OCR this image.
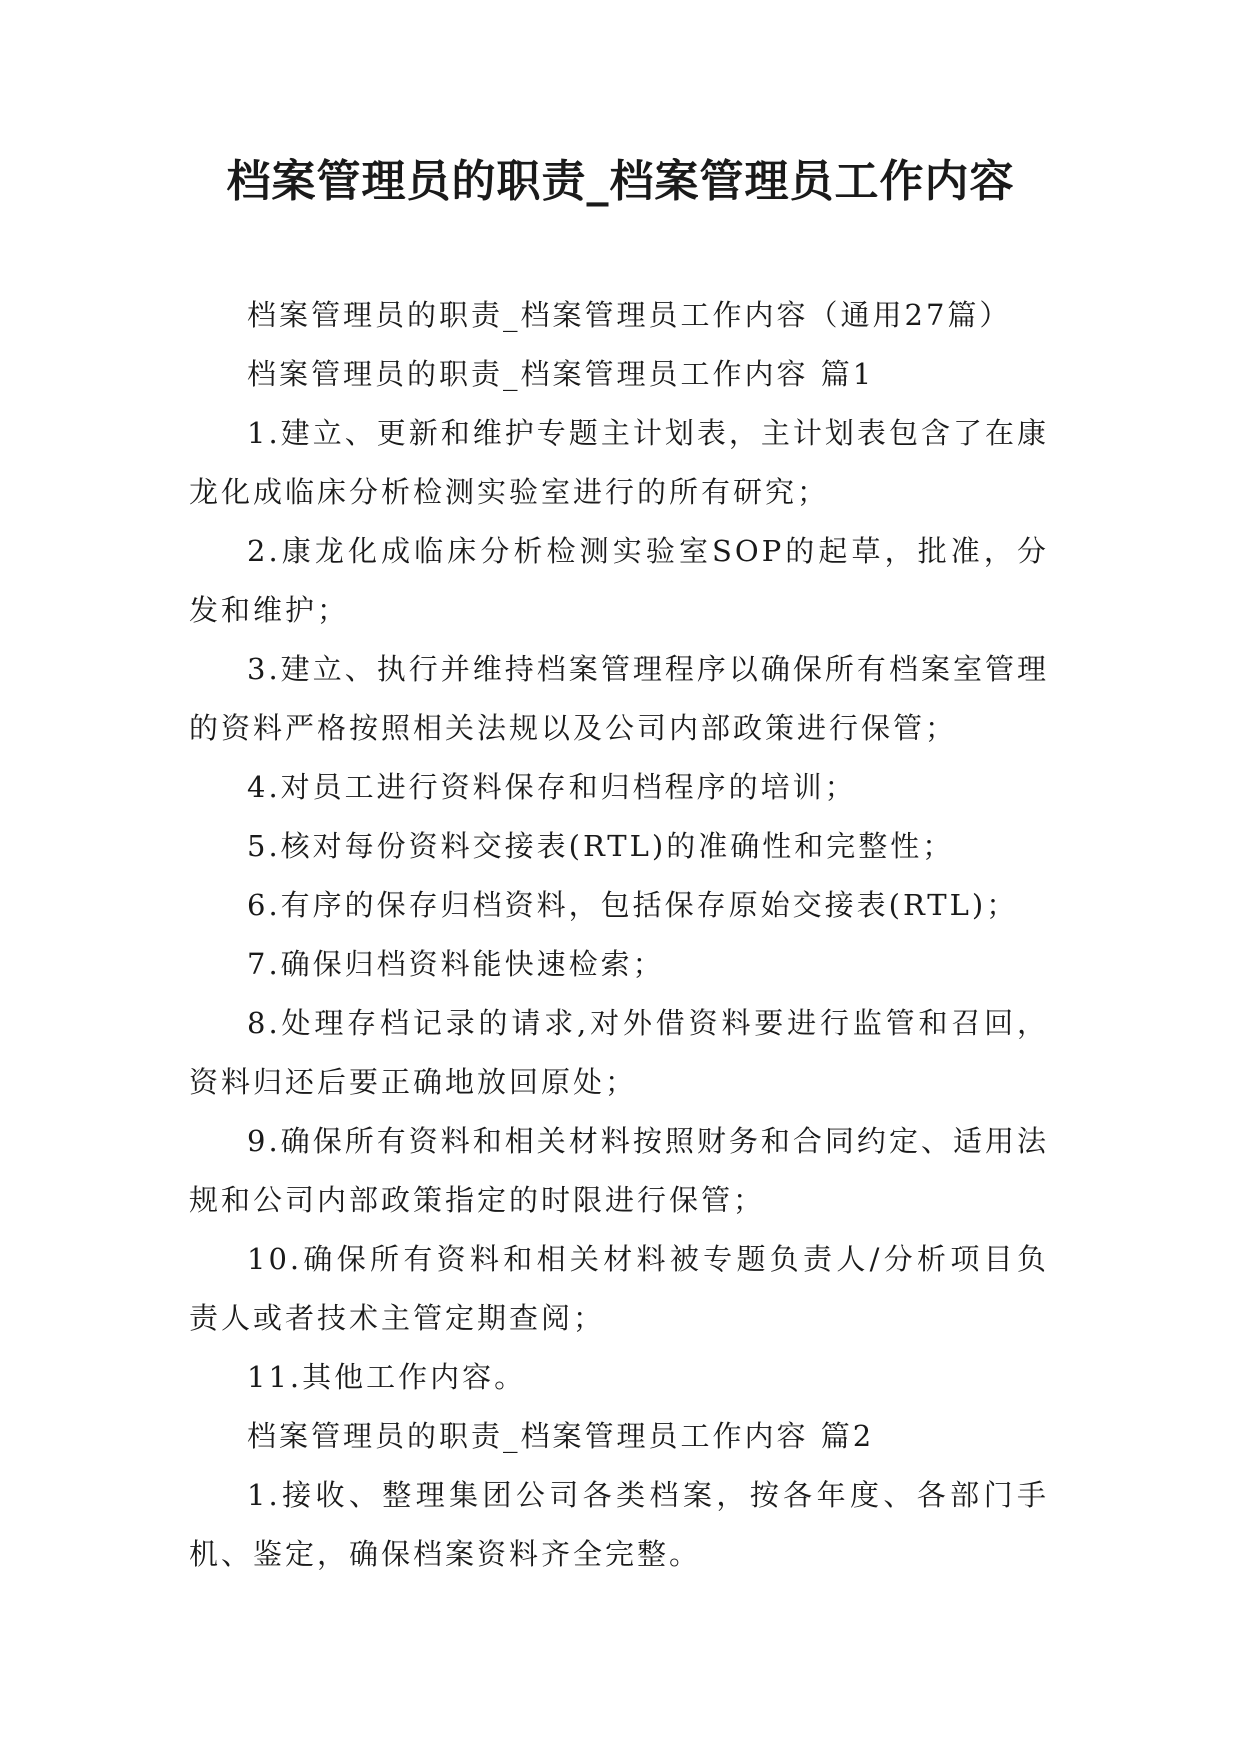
档案管理员的职责_档案管理员工作内容

档案管理员的职责_档案管理员工作内容（通用27篇）

档案管理员的职责_档案管理员工作内容 篇1

1.建立、更新和维护专题主计划表，主计划表包含了在康龙化成临床分析检测实验室进行的所有研究；

2.康龙化成临床分析检测实验室SOP的起草，批准，分发和维护；

3.建立、执行并维持档案管理程序以确保所有档案室管理的资料严格按照相关法规以及公司内部政策进行保管；

4.对员工进行资料保存和归档程序的培训；

5.核对每份资料交接表(RTL)的准确性和完整性；

6.有序的保存归档资料，包括保存原始交接表(RTL)；

7.确保归档资料能快速检索；

8.处理存档记录的请求,对外借资料要进行监管和召回，资料归还后要正确地放回原处；

9.确保所有资料和相关材料按照财务和合同约定、适用法规和公司内部政策指定的时限进行保管；

10.确保所有资料和相关材料被专题负责人/分析项目负责人或者技术主管定期查阅；

11.其他工作内容。

档案管理员的职责_档案管理员工作内容 篇2

1.接收、整理集团公司各类档案，按各年度、各部门手机、鉴定，确保档案资料齐全完整。
